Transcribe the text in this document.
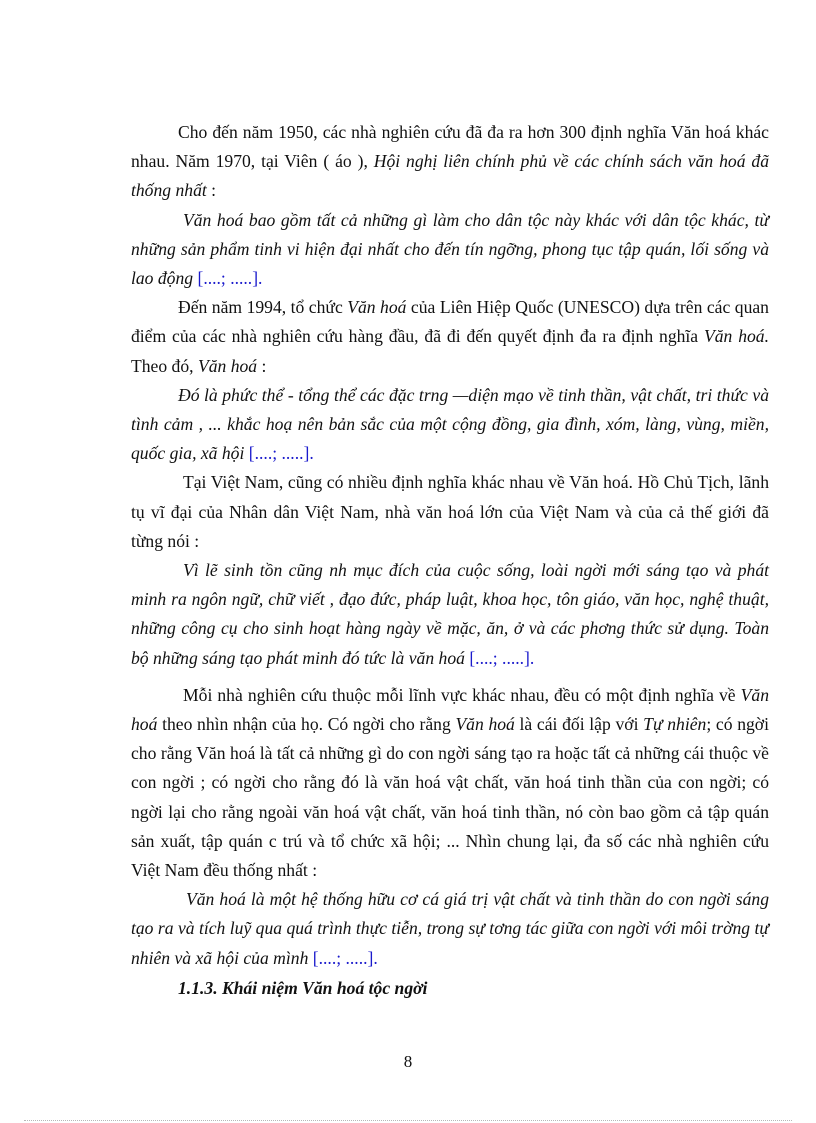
Cho đến năm 1950, các nhà nghiên cứu đã đa ra hơn 300 định nghĩa Văn hoá khác nhau. Năm 1970, tại Viên ( áo ), Hội nghị liên chính phủ về các chính sách văn hoá đã thống nhất :

Văn hoá bao gồm tất cả những gì làm cho dân tộc này khác với dân tộc khác, từ những sản phẩm tinh vi hiện đại nhất cho đến tín ngỡng, phong tục tập quán, lối sống và lao động [....; .....].

Đến năm 1994, tổ chức Văn hoá của Liên Hiệp Quốc (UNESCO) dựa trên các quan điểm của các nhà nghiên cứu hàng đầu, đã đi đến quyết định đa ra định nghĩa Văn hoá. Theo đó, Văn hoá :

Đó là phức thể - tổng thể các đặc trng —diện mạo về tinh thần, vật chất, tri thức và tình cảm , ... khắc hoạ nên bản sắc của một cộng đồng, gia đình, xóm, làng, vùng, miền, quốc gia, xã hội [....; .....].

Tại Việt Nam, cũng có nhiều định nghĩa khác nhau về Văn hoá. Hồ Chủ Tịch, lãnh tụ vĩ đại của Nhân dân Việt Nam, nhà văn hoá lớn của Việt Nam và của cả thế giới đã từng nói :

Vì lẽ sinh tồn cũng nh mục đích của cuộc sống, loài ngời mới sáng tạo và phát minh ra ngôn ngữ, chữ viết , đạo đức, pháp luật, khoa học, tôn giáo, văn học, nghệ thuật, những công cụ cho sinh hoạt hàng ngày về mặc, ăn, ở và các phơng thức sử dụng. Toàn bộ những sáng tạo phát minh đó tức là văn hoá [....; .....].

Mỗi nhà nghiên cứu thuộc mỗi lĩnh vực khác nhau, đều có một định nghĩa về Văn hoá theo nhìn nhận của họ. Có ngời cho rằng Văn hoá là cái đối lập với Tự nhiên; có ngời cho rằng Văn hoá là tất cả những gì do con ngời sáng tạo ra hoặc tất cả những cái thuộc về con ngời ; có ngời cho rằng đó là văn hoá vật chất, văn hoá tinh thần của con ngời; có ngời lại cho rằng ngoài văn hoá vật chất, văn hoá tinh thần, nó còn bao gồm cả tập quán sản xuất, tập quán c trú và tổ chức xã hội; ... Nhìn chung lại, đa số các nhà nghiên cứu Việt Nam đều thống nhất :

Văn hoá là một hệ thống hữu cơ cá giá trị vật chất và tinh thần do con ngời sáng tạo ra và tích luỹ qua quá trình thực tiễn, trong sự tơng tác giữa con ngời với môi trờng tự nhiên và xã hội của mình [....; .....].

1.1.3. Khái niệm Văn hoá tộc ngời

8
